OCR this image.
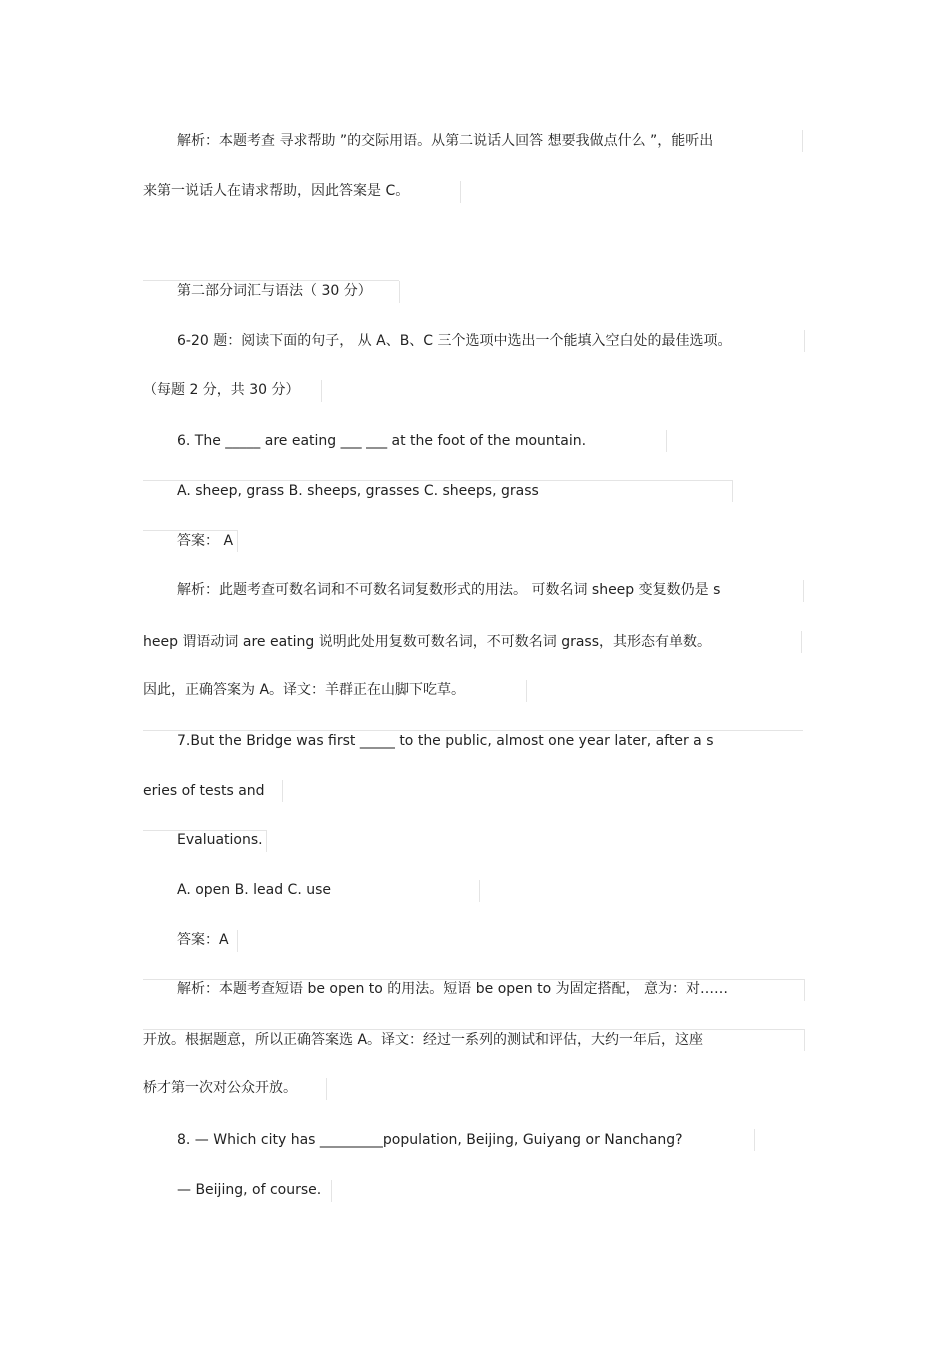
解析：本题考查 寻求帮助 ”的交际用语。从第二说话人回答 想要我做点什么 ”，能听出
来第一说话人在请求帮助，因此答案是 C。
第二部分词汇与语法（ 30 分）
6-20 题：阅读下面的句子， 从 A、B、C 三个选项中选出一个能填入空白处的最佳选项。
（每题 2 分，共 30 分）
6. The _____ are eating ___ ___ at the foot of the mountain.
A. sheep, grass B. sheeps, grasses C. sheeps, grass
答案： A
解析：此题考查可数名词和不可数名词复数形式的用法。 可数名词 sheep 变复数仍是 s
heep 谓语动词 are eating 说明此处用复数可数名词，不可数名词 grass，其形态有单数。
因此，正确答案为 A。译文：羊群正在山脚下吃草。
7.But the Bridge was first _____ to the public, almost one year later, after a s
eries of tests and
Evaluations.
A. open B. lead C. use
答案：A
解析：本题考查短语 be open to 的用法。短语 be open to 为固定搭配， 意为：对……
开放。根据题意，所以正确答案选 A。译文：经过一系列的测试和评估，大约一年后，这座
桥才第一次对公众开放。
8. — Which city has _________population, Beijing, Guiyang or Nanchang?
— Beijing, of course.
